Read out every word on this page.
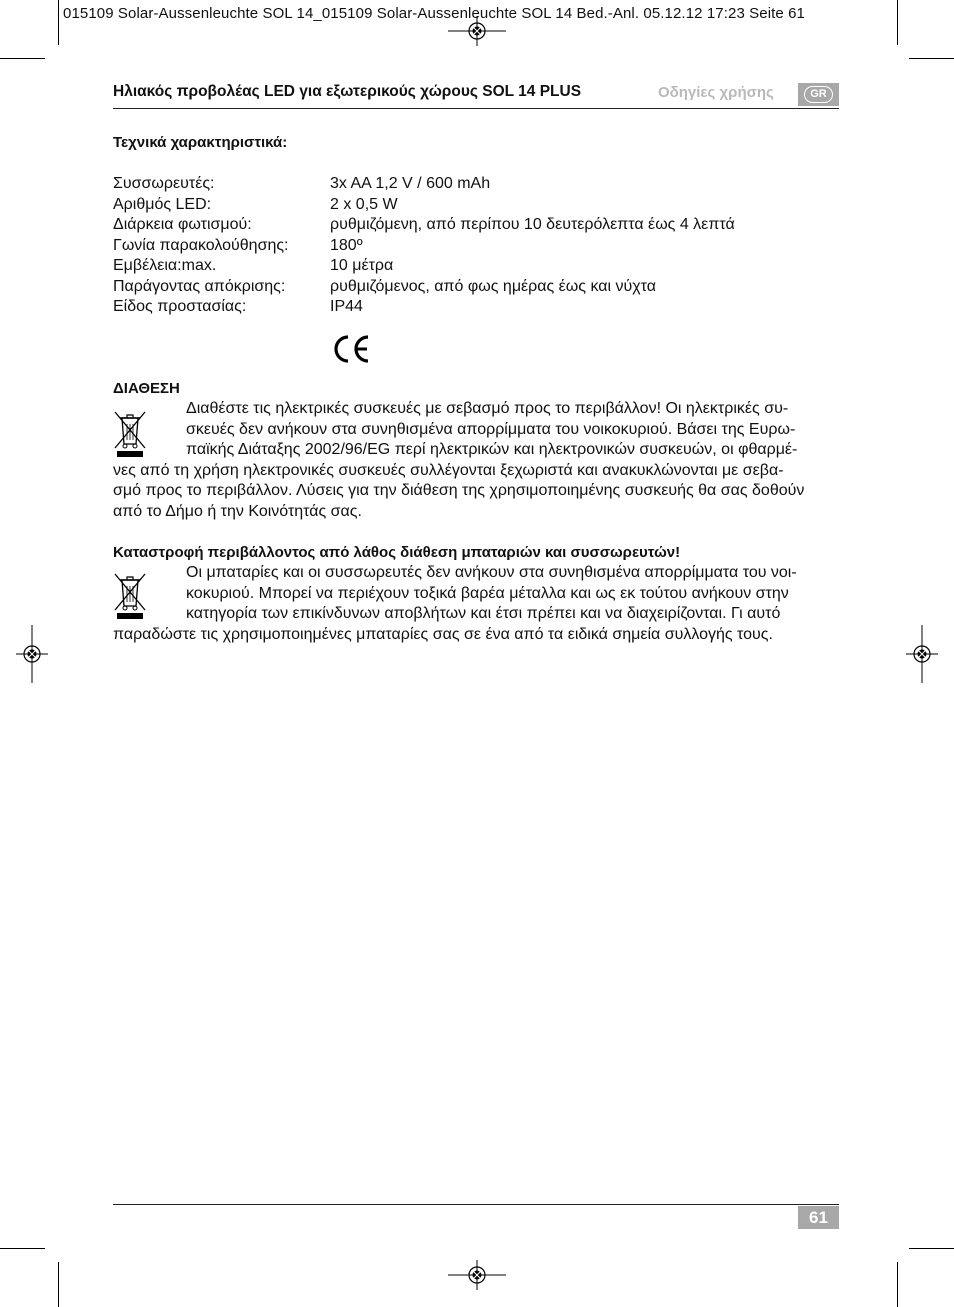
015109 Solar-Aussenleuchte SOL 14_015109 Solar-Aussenleuchte SOL 14 Bed.-Anl. 05.12.12 17:23 Seite 61
Ηλιακός προβολέας LED για εξωτερικούς χώρους SOL 14 PLUS	Οδηγίες χρήσης	GR
Τεχνικά χαρακτηριστικά:
Συσσωρευτές:	3x AA 1,2 V / 600 mAh
Αριθμός LED:	2 x 0,5 W
Διάρκεια φωτισμού:	ρυθμιζόμενη, από περίπου 10 δευτερόλεπτα έως 4 λεπτά
Γωνία παρακολούθησης:	180º
Εμβέλεια:max.	10 μέτρα
Παράγοντας απόκρισης:	ρυθμιζόμενος, από φως ημέρας έως και νύχτα
Είδος προστασίας:	IP44
ΔΙΑΘΕΣΗ
Διαθέστε τις ηλεκτρικές συσκευές με σεβασμό προς το περιβάλλον! Οι ηλεκτρικές συ-
σκευές δεν ανήκουν στα συνηθισμένα απορρίμματα του νοικοκυριού. Βάσει της Ευρω-
παϊκής Διάταξης 2002/96/EG περί ηλεκτρικών και ηλεκτρονικών συσκευών, οι φθαρμέ-
νες από τη χρήση ηλεκτρονικές συσκευές συλλέγονται ξεχωριστά και ανακυκλώνονται με σεβα-
σμό προς το περιβάλλον. Λύσεις για την διάθεση της χρησιμοποιημένης συσκευής θα σας δοθούν
από το Δήμο ή την Κοινότητάς σας.
Καταστροφή περιβάλλοντος από λάθος διάθεση μπαταριών και συσσωρευτών!
Οι μπαταρίες και οι συσσωρευτές δεν ανήκουν στα συνηθισμένα απορρίμματα του νοι-
κοκυριού. Μπορεί να περιέχουν τοξικά βαρέα μέταλλα και ως εκ τούτου ανήκουν στην
κατηγορία των επικίνδυνων αποβλήτων και έτσι πρέπει και να διαχειρίζονται. Γι αυτό
παραδώστε τις χρησιμοποιημένες μπαταρίες σας σε ένα από τα ειδικά σημεία συλλογής τους.
61
